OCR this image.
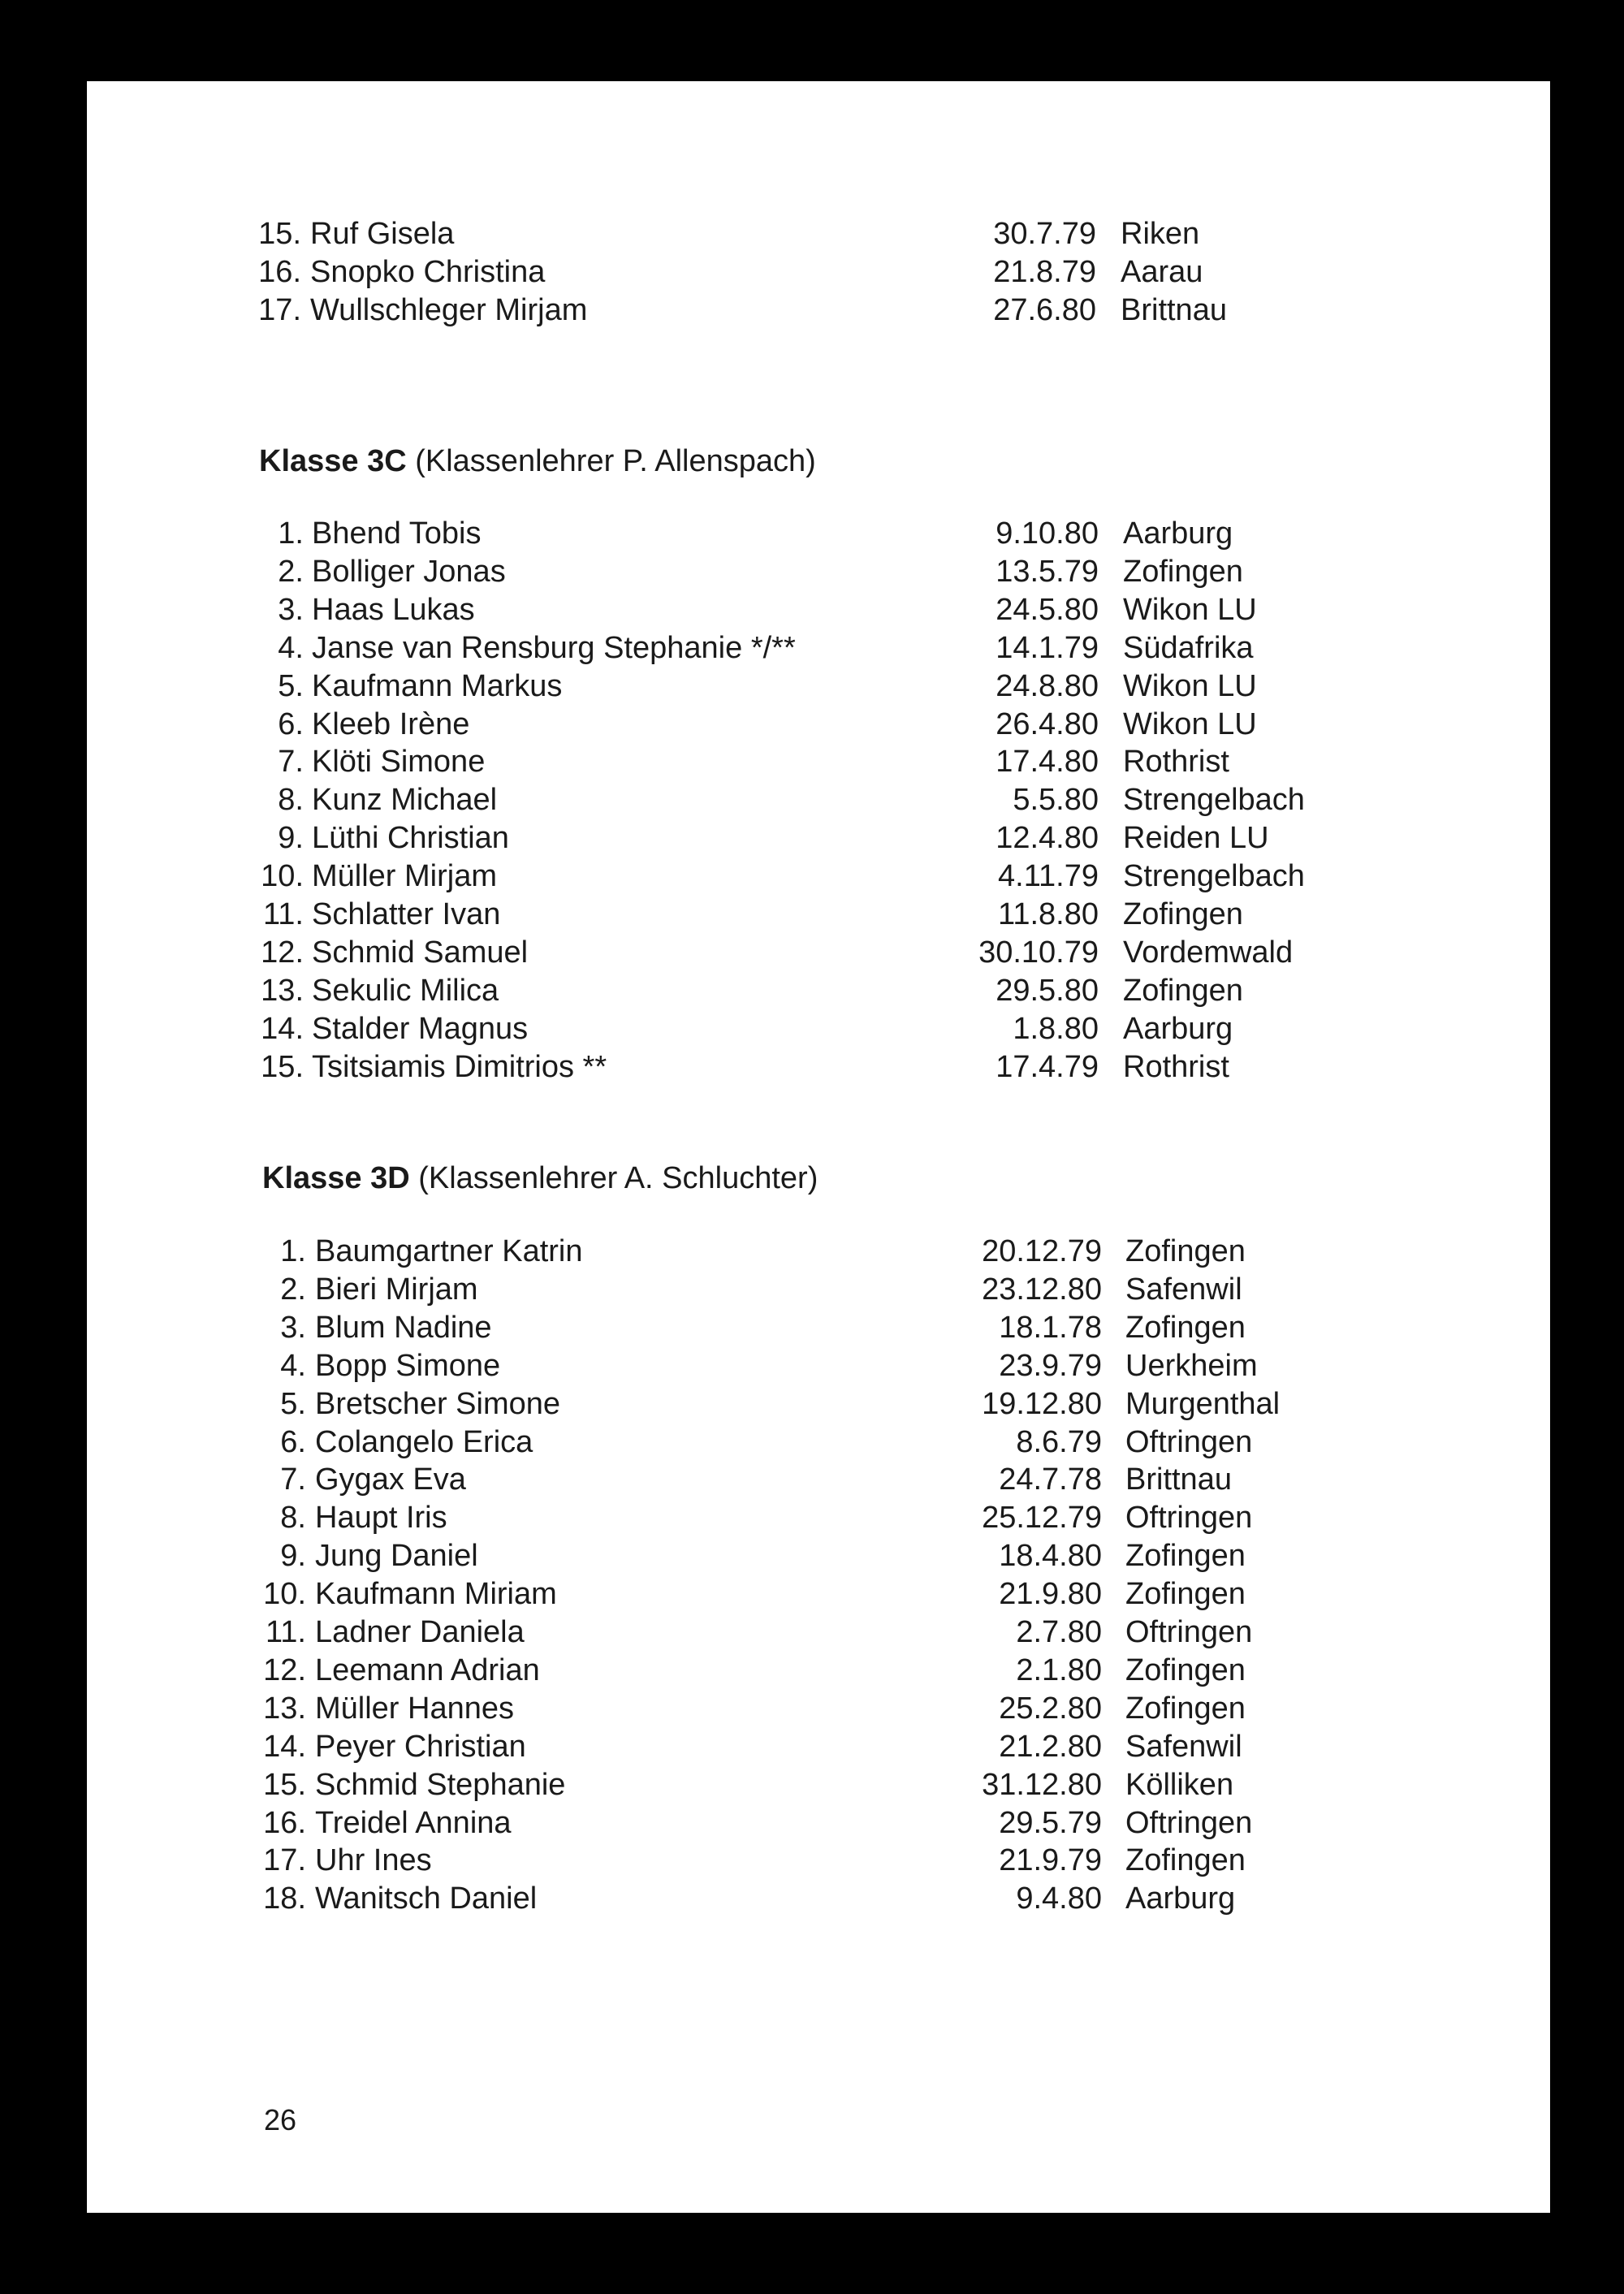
15. Ruf Gisela	30.7.79 Riken
16. Snopko Christina	21.8.79 Aarau
17. Wullschleger Mirjam	27.6.80 Brittnau
Klasse 3C (Klassenlehrer P. Allenspach)
1. Bhend Tobis	9.10.80 Aarburg
2. Bolliger Jonas	13.5.79 Zofingen
3. Haas Lukas	24.5.80 Wikon LU
4. Janse van Rensburg Stephanie */**	14.1.79 Südafrika
5. Kaufmann Markus	24.8.80 Wikon LU
6. Kleeb Irène	26.4.80 Wikon LU
7. Klöti Simone	17.4.80 Rothrist
8. Kunz Michael	5.5.80 Strengelbach
9. Lüthi Christian	12.4.80 Reiden LU
10. Müller Mirjam	4.11.79 Strengelbach
11. Schlatter Ivan	11.8.80 Zofingen
12. Schmid Samuel	30.10.79 Vordemwald
13. Sekulic Milica	29.5.80 Zofingen
14. Stalder Magnus	1.8.80 Aarburg
15. Tsitsiamis Dimitrios **	17.4.79 Rothrist
Klasse 3D (Klassenlehrer A. Schluchter)
1. Baumgartner Katrin	20.12.79 Zofingen
2. Bieri Mirjam	23.12.80 Safenwil
3. Blum Nadine	18.1.78 Zofingen
4. Bopp Simone	23.9.79 Uerkheim
5. Bretscher Simone	19.12.80 Murgenthal
6. Colangelo Erica	8.6.79 Oftringen
7. Gygax Eva	24.7.78 Brittnau
8. Haupt Iris	25.12.79 Oftringen
9. Jung Daniel	18.4.80 Zofingen
10. Kaufmann Miriam	21.9.80 Zofingen
11. Ladner Daniela	2.7.80 Oftringen
12. Leemann Adrian	2.1.80 Zofingen
13. Müller Hannes	25.2.80 Zofingen
14. Peyer Christian	21.2.80 Safenwil
15. Schmid Stephanie	31.12.80 Kölliken
16. Treidel Annina	29.5.79 Oftringen
17. Uhr Ines	21.9.79 Zofingen
18. Wanitsch Daniel	9.4.80 Aarburg
26
